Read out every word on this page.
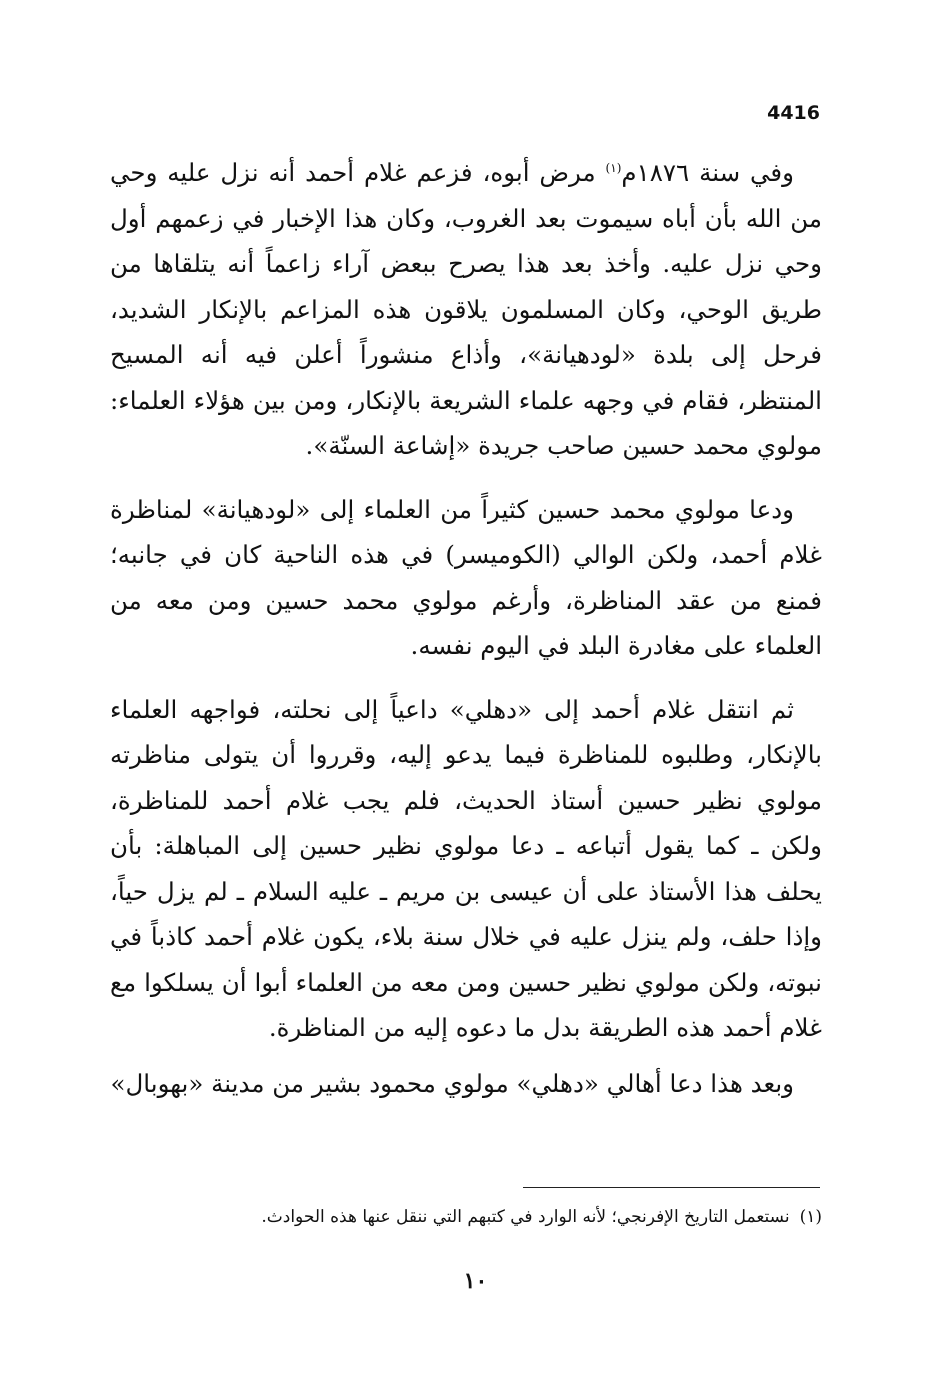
4416

وفي سنة ١٨٧٦م$^{(١)}$ مرض أبوه، فزعم غلام أحمد أنه نزل عليه وحي من الله بأن أباه سيموت بعد الغروب، وكان هذا الإخبار في زعمهم أول وحي نزل عليه. وأخذ بعد هذا يصرح ببعض آراء زاعماً أنه يتلقاها من طريق الوحي، وكان المسلمون يلاقون هذه المزاعم بالإنكار الشديد، فرحل إلى بلدة «لودهيانة»، وأذاع منشوراً أعلن فيه أنه المسيح المنتظر، فقام في وجهه علماء الشريعة بالإنكار، ومن بين هؤلاء العلماء: مولوي محمد حسين صاحب جريدة «إشاعة السنّة».

ودعا مولوي محمد حسين كثيراً من العلماء إلى «لودهيانة» لمناظرة غلام أحمد، ولكن الوالي (الكوميسر) في هذه الناحية كان في جانبه؛ فمنع من عقد المناظرة، وأرغم مولوي محمد حسين ومن معه من العلماء على مغادرة البلد في اليوم نفسه.

ثم انتقل غلام أحمد إلى «دهلي» داعياً إلى نحلته، فواجهه العلماء بالإنكار، وطلبوه للمناظرة فيما يدعو إليه، وقرروا أن يتولى مناظرته مولوي نظير حسين أستاذ الحديث، فلم يجب غلام أحمد للمناظرة، ولكن ـ كما يقول أتباعه ـ دعا مولوي نظير حسين إلى المباهلة: بأن يحلف هذا الأستاذ على أن عيسى بن مريم ـ عليه السلام ـ لم يزل حياً، وإذا حلف، ولم ينزل عليه في خلال سنة بلاء، يكون غلام أحمد كاذباً في نبوته، ولكن مولوي نظير حسين ومن معه من العلماء أبوا أن يسلكوا مع غلام أحمد هذه الطريقة بدل ما دعوه إليه من المناظرة.

وبعد هذا دعا أهالي «دهلي» مولوي محمود بشير من مدينة «بهوبال»

(١)نستعمل التاريخ الإفرنجي؛ لأنه الوارد في كتبهم التي ننقل عنها هذه الحوادث.
١٠
